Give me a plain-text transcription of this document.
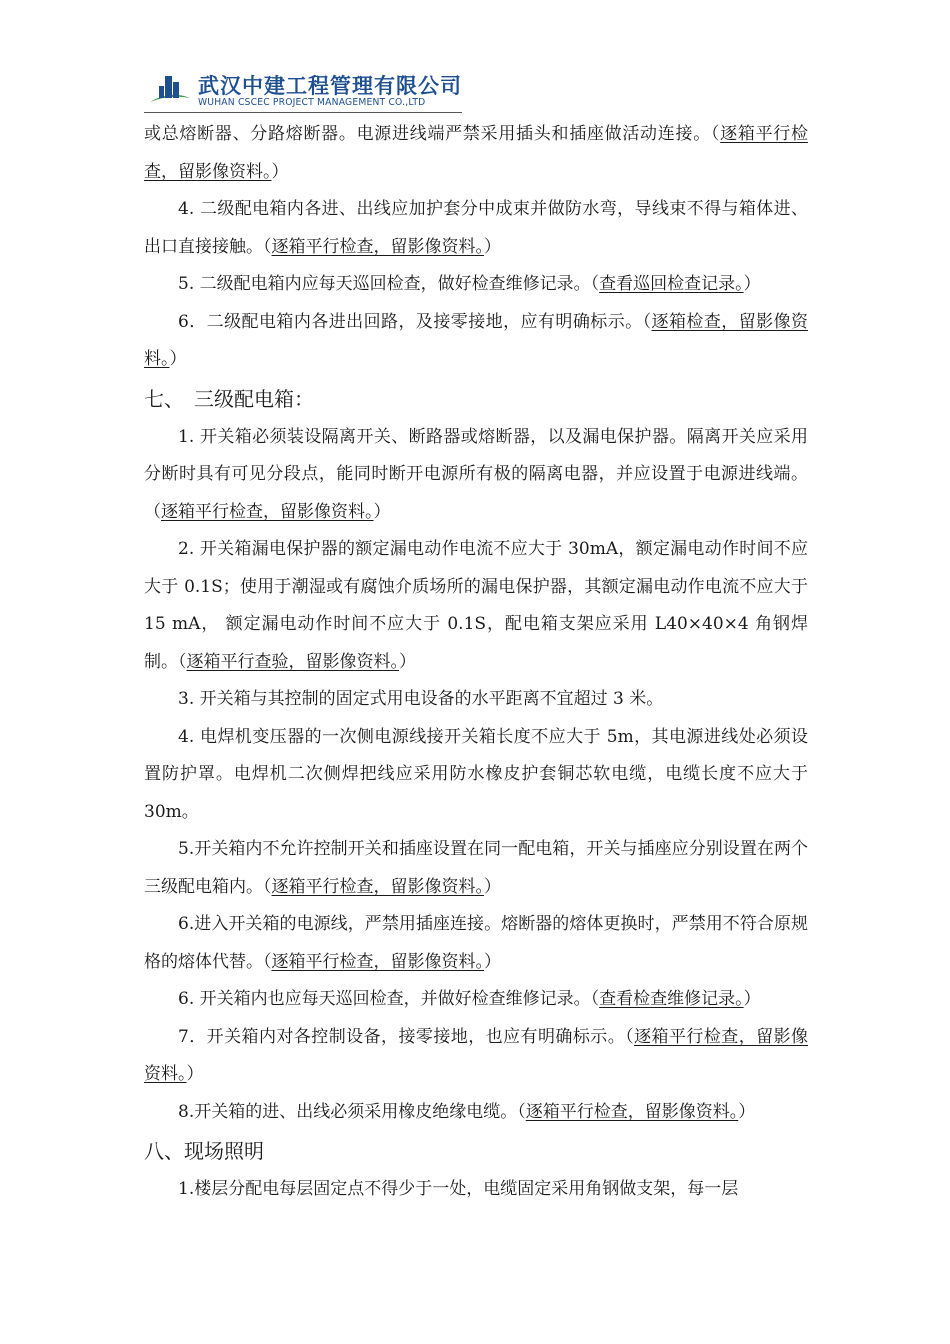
武汉中建工程管理有限公司
WUHAN CSCEC PROJECT MANAGEMENT CO.,LTD

或总熔断器、分路熔断器。电源进线端严禁采用插头和插座做活动连接。（逐箱平行检查，留影像资料。）

4. 二级配电箱内各进、出线应加护套分中成束并做防水弯，导线束不得与箱体进、出口直接接触。（逐箱平行检查，留影像资料。）

5. 二级配电箱内应每天巡回检查，做好检查维修记录。（查看巡回检查记录。）

6．二级配电箱内各进出回路，及接零接地，应有明确标示。（逐箱检查，留影像资料。）

七、　三级配电箱：

1. 开关箱必须装设隔离开关、断路器或熔断器，以及漏电保护器。隔离开关应采用分断时具有可见分段点，能同时断开电源所有极的隔离电器，并应设置于电源进线端。（逐箱平行检查，留影像资料。）

2. 开关箱漏电保护器的额定漏电动作电流不应大于 30mA，额定漏电动作时间不应大于 0.1S；使用于潮湿或有腐蚀介质场所的漏电保护器，其额定漏电动作电流不应大于 15 mA， 额定漏电动作时间不应大于 0.1S，配电箱支架应采用 L40×40×4 角钢焊制。（逐箱平行查验，留影像资料。）

3. 开关箱与其控制的固定式用电设备的水平距离不宜超过 3 米。

4. 电焊机变压器的一次侧电源线接开关箱长度不应大于 5m，其电源进线处必须设置防护罩。电焊机二次侧焊把线应采用防水橡皮护套铜芯软电缆，电缆长度不应大于 30m。

5.开关箱内不允许控制开关和插座设置在同一配电箱，开关与插座应分别设置在两个三级配电箱内。（逐箱平行检查，留影像资料。）

6.进入开关箱的电源线，严禁用插座连接。熔断器的熔体更换时，严禁用不符合原规格的熔体代替。（逐箱平行检查，留影像资料。）

6. 开关箱内也应每天巡回检查，并做好检查维修记录。（查看检查维修记录。）

7．开关箱内对各控制设备，接零接地，也应有明确标示。（逐箱平行检查，留影像资料。）

8.开关箱的进、出线必须采用橡皮绝缘电缆。（逐箱平行检查，留影像资料。）

八、现场照明

1.楼层分配电每层固定点不得少于一处，电缆固定采用角钢做支架，每一层
